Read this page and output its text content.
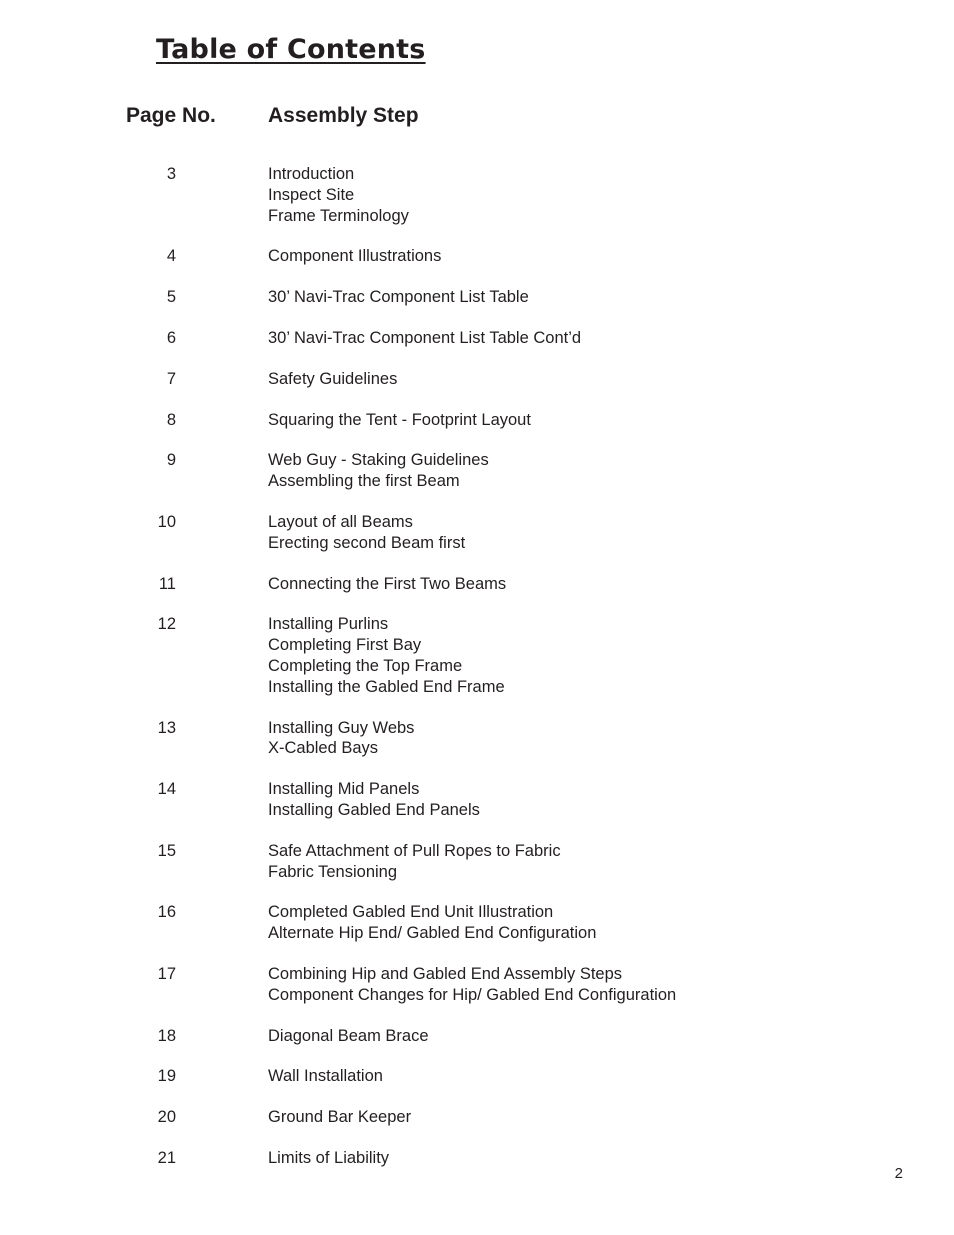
Table of Contents
Page No. Assembly Step
3	Introduction
Inspect Site
Frame Terminology
4	Component Illustrations
5	30’ Navi-Trac Component List Table
6	30’ Navi-Trac Component List Table Cont’d
7	Safety Guidelines
8	Squaring the Tent - Footprint Layout
9	Web Guy - Staking Guidelines
Assembling the first Beam
10	Layout of all Beams
Erecting second Beam first
11	Connecting the First Two Beams
12	Installing Purlins
Completing First Bay
Completing the Top Frame
Installing the Gabled End Frame
13	Installing Guy Webs
X-Cabled Bays
14	Installing Mid Panels
Installing Gabled End Panels
15	Safe Attachment of Pull Ropes to Fabric
Fabric Tensioning
16	Completed Gabled End Unit Illustration
Alternate Hip End/ Gabled End Configuration
17	Combining Hip and Gabled End Assembly Steps
Component Changes for Hip/ Gabled End Configuration
18	Diagonal Beam Brace
19	Wall Installation
20	Ground Bar Keeper
21	Limits of Liability
2
